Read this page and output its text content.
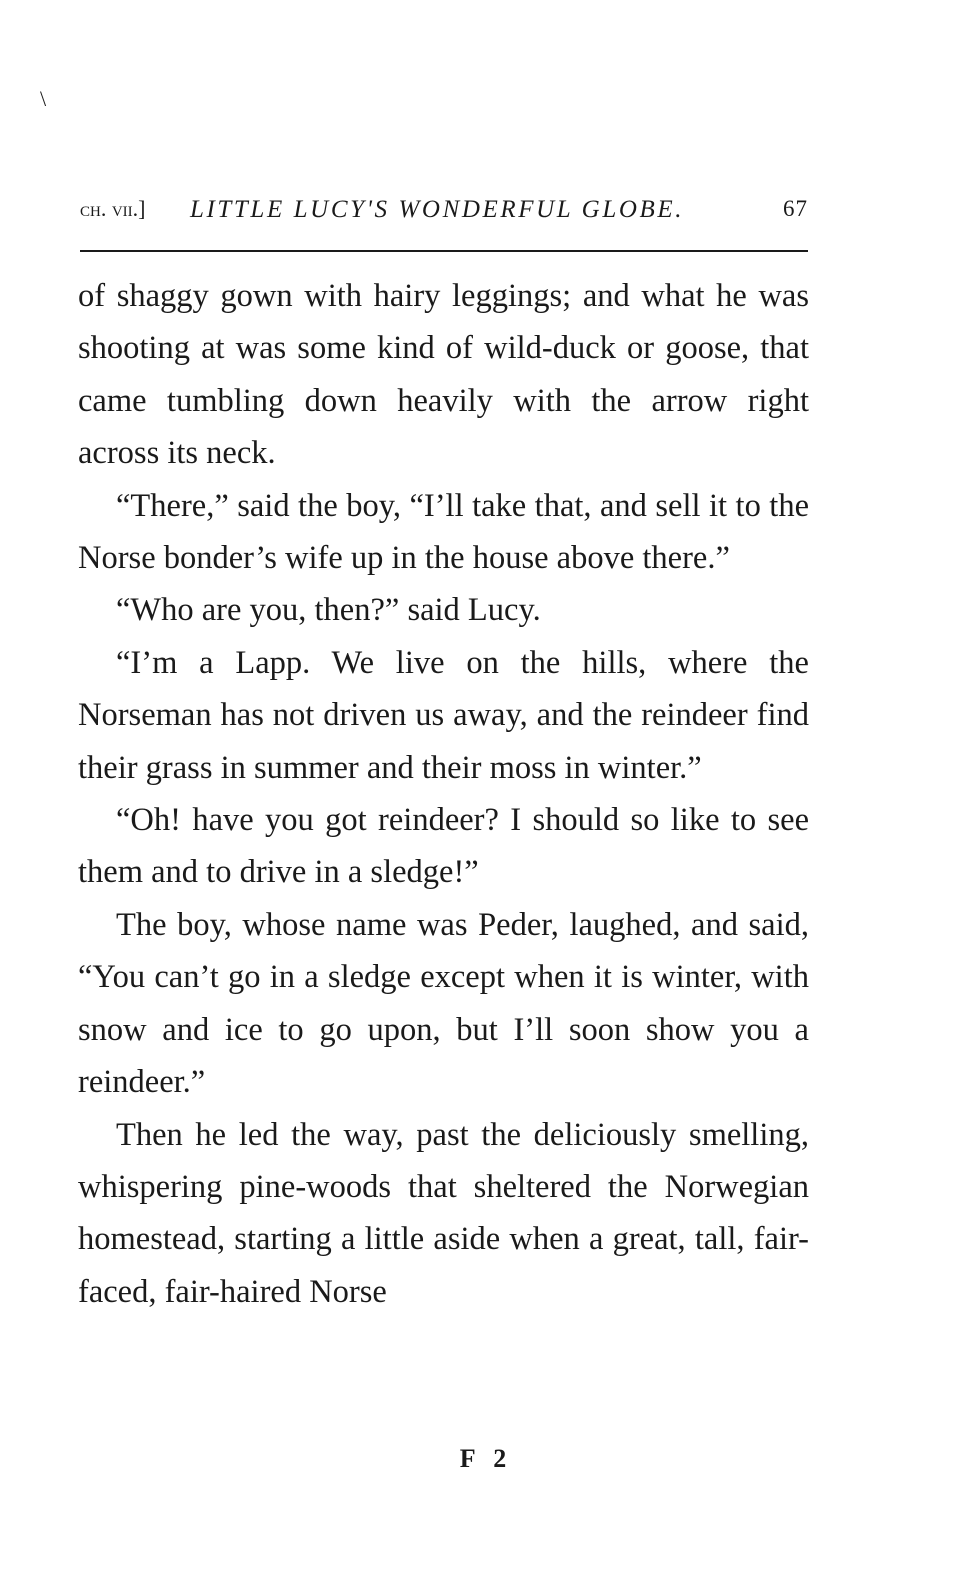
\
ch. vii.] LITTLE LUCY'S WONDERFUL GLOBE.	67

of shaggy gown with hairy leggings; and what he was shooting at was some kind of wild-duck or goose, that came tumbling down heavily with the arrow right across its neck.

“There,” said the boy, “I’ll take that, and sell it to the Norse bonder’s wife up in the house above there.”

“Who are you, then?” said Lucy.

“I’m a Lapp. We live on the hills, where the Norseman has not driven us away, and the reindeer find their grass in summer and their moss in winter.”

“Oh! have you got reindeer? I should so like to see them and to drive in a sledge!”

The boy, whose name was Peder, laughed, and said, “You can’t go in a sledge except when it is winter, with snow and ice to go upon, but I’ll soon show you a reindeer.”

Then he led the way, past the deliciously smelling, whispering pine-woods that sheltered the Norwegian homestead, starting a little aside when a great, tall, fair-faced, fair-haired Norse

F 2
